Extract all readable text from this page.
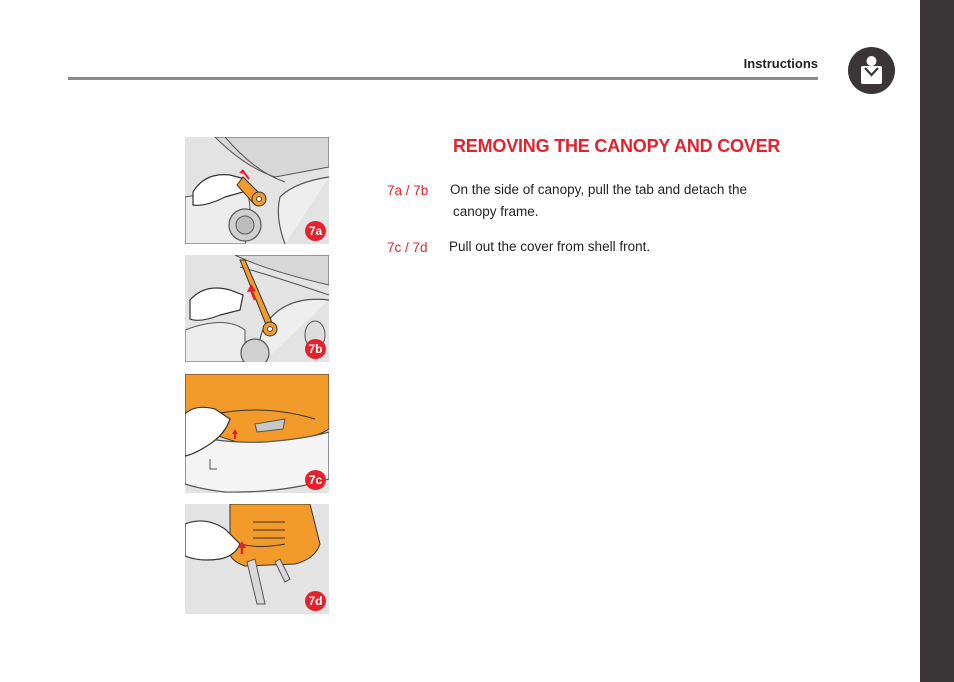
Instructions
7a
7b
7c
7d
REMOVING THE CANOPY AND COVER
7a / 7b On the side of canopy, pull the tab and detach the
canopy frame.
7c / 7d Pull out the cover from shell front.
